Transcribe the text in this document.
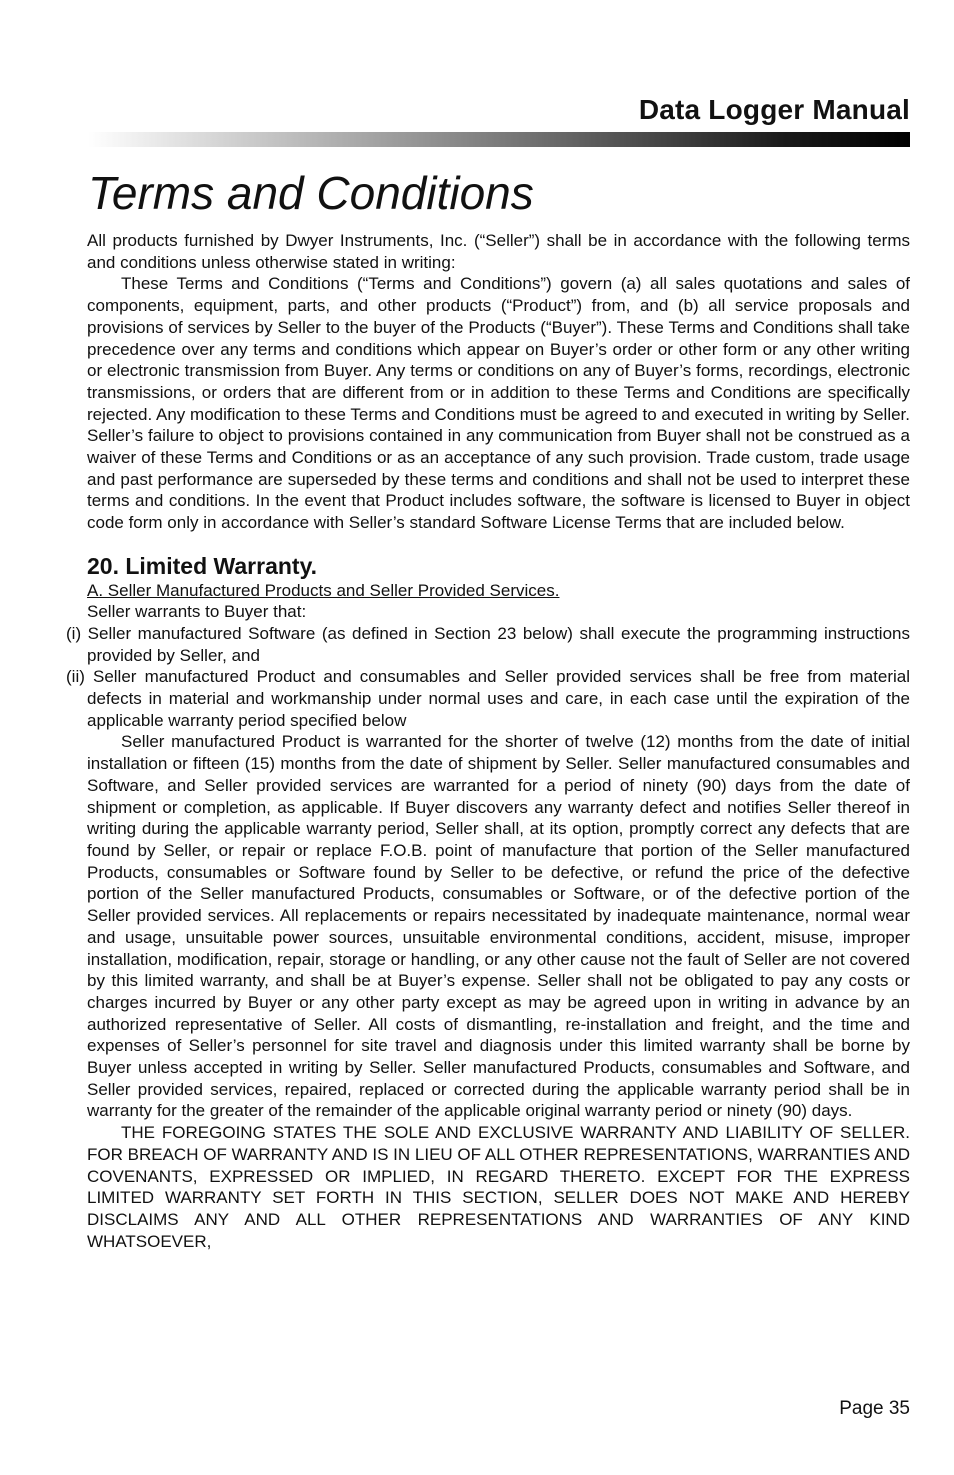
Data Logger Manual
Terms and Conditions

All products furnished by Dwyer Instruments, Inc. (“Seller”) shall be in accordance with the following terms and conditions unless otherwise stated in writing:

These Terms and Conditions (“Terms and Conditions”) govern (a) all sales quotations and sales of components, equipment, parts, and other products (“Product”) from, and (b) all service proposals and provisions of services by Seller to the buyer of the Products (“Buyer”). These Terms and Conditions shall take precedence over any terms and conditions which appear on Buyer’s order or other form or any other writing or electronic transmission from Buyer. Any terms or conditions on any of Buyer’s forms, recordings, electronic transmissions, or orders that are different from or in addition to these Terms and Conditions are specifically rejected. Any modification to these Terms and Conditions must be agreed to and executed in writing by Seller. Seller’s failure to object to provisions contained in any communication from Buyer shall not be construed as a waiver of these Terms and Conditions or as an acceptance of any such provision. Trade custom, trade usage and past performance are superseded by these terms and conditions and shall not be used to interpret these terms and conditions. In the event that Product includes software, the software is licensed to Buyer in object code form only in accordance with Seller’s standard Software License Terms that are included below.

20. Limited Warranty.

A. Seller Manufactured Products and Seller Provided Services.

Seller warrants to Buyer that:

(i) Seller manufactured Software (as defined in Section 23 below) shall execute the programming instructions provided by Seller, and

(ii) Seller manufactured Product and consumables and Seller provided services shall be free from material defects in material and workmanship under normal uses and care, in each case until the expiration of the applicable warranty period specified below

Seller manufactured Product is warranted for the shorter of twelve (12) months from the date of initial installation or fifteen (15) months from the date of shipment by Seller. Seller manufactured consumables and Software, and Seller provided services are warranted for a period of ninety (90) days from the date of shipment or completion, as applicable. If Buyer discovers any warranty defect and notifies Seller thereof in writing during the applicable warranty period, Seller shall, at its option, promptly correct any defects that are found by Seller, or repair or replace F.O.B. point of manufacture that portion of the Seller manufactured Products, consumables or Software found by Seller to be defective, or refund the price of the defective portion of the Seller manufactured Products, consumables or Software, or of the defective portion of the Seller provided services. All replacements or repairs necessitated by inadequate maintenance, normal wear and usage, unsuitable power sources, unsuitable environmental conditions, accident, misuse, improper installation, modification, repair, storage or handling, or any other cause not the fault of Seller are not covered by this limited warranty, and shall be at Buyer’s expense. Seller shall not be obligated to pay any costs or charges incurred by Buyer or any other party except as may be agreed upon in writing in advance by an authorized representative of Seller. All costs of dismantling, re-installation and freight, and the time and expenses of Seller’s personnel for site travel and diagnosis under this limited warranty shall be borne by Buyer unless accepted in writing by Seller. Seller manufactured Products, consumables and Software, and Seller provided services, repaired, replaced or corrected during the applicable warranty period shall be in warranty for the greater of the remainder of the applicable original warranty period or ninety (90) days.

THE FOREGOING STATES THE SOLE AND EXCLUSIVE WARRANTY AND LIABILITY OF SELLER. FOR BREACH OF WARRANTY AND IS IN LIEU OF ALL OTHER REPRESENTATIONS, WARRANTIES AND COVENANTS, EXPRESSED OR IMPLIED, IN REGARD THERETO. EXCEPT FOR THE EXPRESS LIMITED WARRANTY SET FORTH IN THIS SECTION, SELLER DOES NOT MAKE AND HEREBY DISCLAIMS ANY AND ALL OTHER REPRESENTATIONS AND WARRANTIES OF ANY KIND WHATSOEVER,

Page 35
